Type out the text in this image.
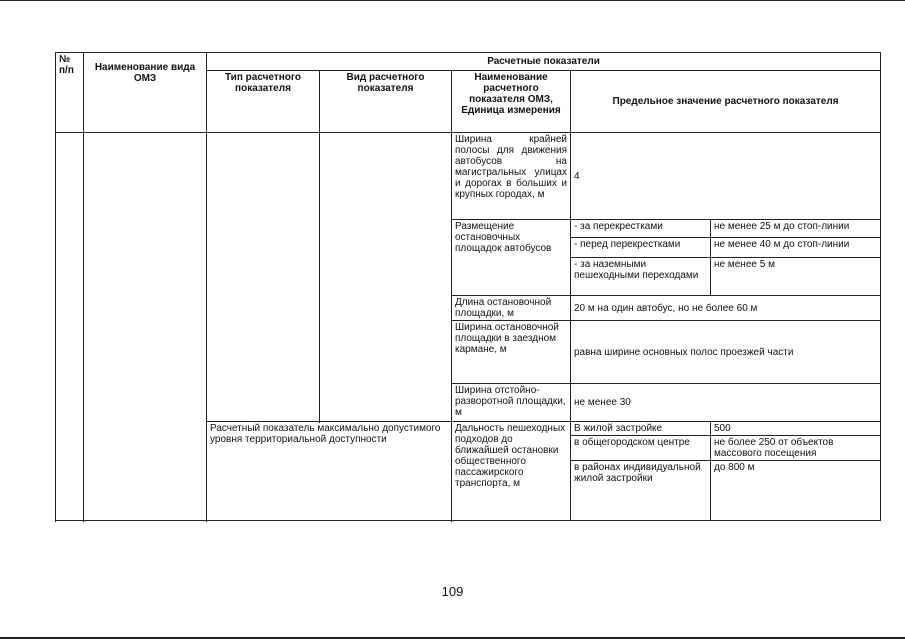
№ п/п	Наименование вида ОМЗ	Расчетные показатели				
		Тип расчетного показателя	Вид расчетного показателя	Наименование расчетного показателя ОМЗ, Единица измерения	Предельное значение расчетного показателя	

				Ширина крайней полосы для движения автобусов на магистральных улицах и дорогах в больших и крупных городах, м	4	
				Размещение остановочных площадок автобусов	- за перекрестками	не менее 25 м до стоп-линии
					- перед перекрестками	не менее 40 м до стоп-линии
					- за наземными пешеходными переходами	не менее 5 м
				Длина остановочной площадки, м	20 м на один автобус, но не более 60 м	
				Ширина остановочной площадки в заездном кармане, м	равна ширине основных полос проезжей части	
				Ширина отстойно-разворотной площадки, м	не менее 30	

		Расчетный показатель максимально допустимого уровня территориальной доступности		Дальность пешеходных подходов до ближайшей остановки общественного пассажирского транспорта, м	В жилой застройке	500
					в общегородском центре	не более 250 от объектов массового посещения
					в районах индивидуальной жилой застройки	до 800 м

109
